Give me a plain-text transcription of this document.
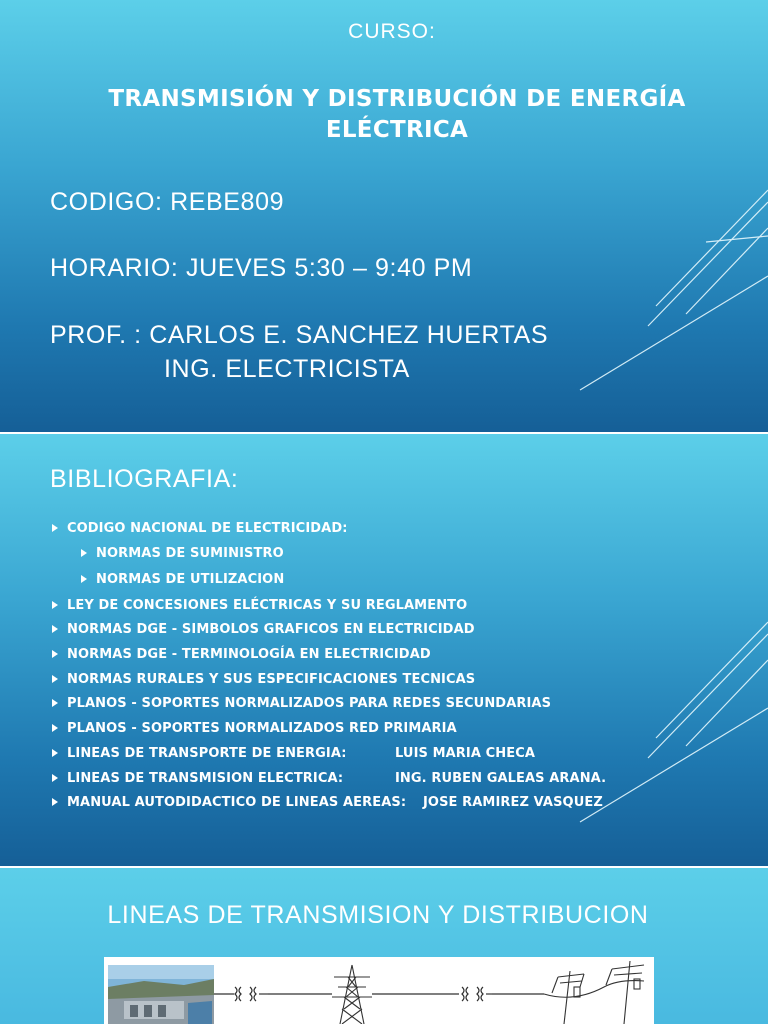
CURSO:
TRANSMISIÓN Y DISTRIBUCIÓN DE ENERGÍA
ELÉCTRICA
CODIGO: REBE809
HORARIO: JUEVES 5:30 – 9:40 PM
PROF. : CARLOS E. SANCHEZ HUERTAS
ING. ELECTRICISTA
BIBLIOGRAFIA:
CODIGO NACIONAL DE ELECTRICIDAD:
NORMAS DE SUMINISTRO
NORMAS DE UTILIZACION
LEY DE CONCESIONES ELÉCTRICAS Y SU REGLAMENTO
NORMAS DGE - SIMBOLOS GRAFICOS EN ELECTRICIDAD
NORMAS DGE - TERMINOLOGÍA EN ELECTRICIDAD
NORMAS RURALES Y SUS ESPECIFICACIONES TECNICAS
PLANOS - SOPORTES NORMALIZADOS PARA REDES SECUNDARIAS
PLANOS - SOPORTES NORMALIZADOS RED PRIMARIA
LINEAS DE TRANSPORTE DE ENERGIA:	LUIS MARIA CHECA
LINEAS DE TRANSMISION ELECTRICA:	ING. RUBEN GALEAS ARANA.
MANUAL AUTODIDACTICO DE LINEAS AEREAS: JOSE RAMIREZ VASQUEZ
LINEAS DE TRANSMISION Y DISTRIBUCION
